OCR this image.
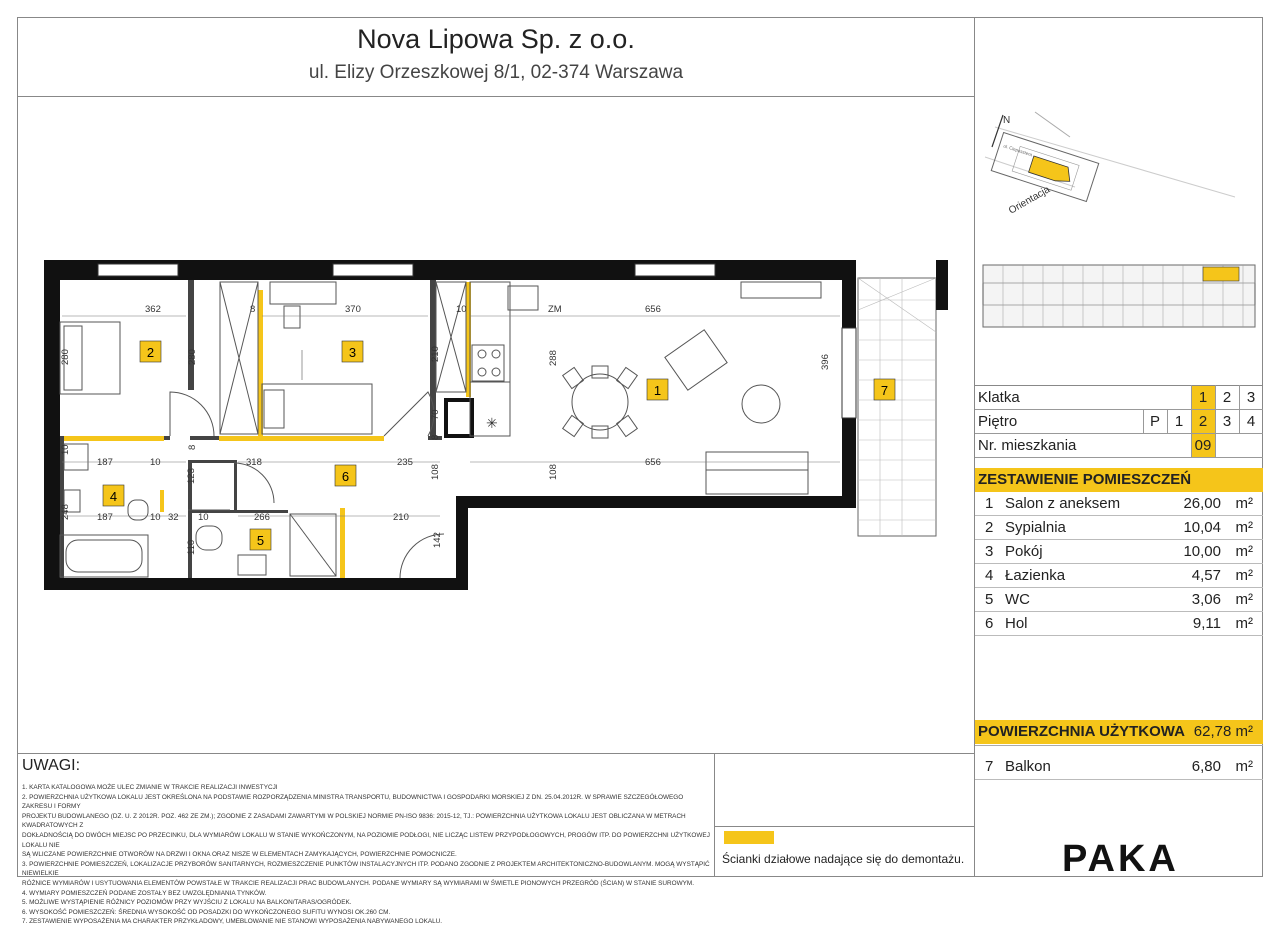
Nova Lipowa Sp. z o.o.
ul. Elizy Orzeszkowej 8/1, 02-374 Warszawa
ul. Ciepasstera
N
Orientacja
Klatka	1	2	3
Piętro	P 1	2	3	4
Nr. mieszkania	09
ZESTAWIENIE POMIESZCZEŃ
1 Salon z aneksem	26,00 m²
2 Sypialnia	10,04 m²
3 Pokój	10,00 m²
4 Łazienka	4,57 m²
5 WC	3,06 m²
6 Hol	9,11 m²
POWIERZCHNIA UŻYTKOWA 62,78 m²
7 Balkon	6,80 m²
UWAGI:
1. KARTA KATALOGOWA MOŻE ULEC ZMIANIE W TRAKCIE REALIZACJI INWESTYCJI
2. POWIERZCHNIA UŻYTKOWA LOKALU JEST OKREŚLONA NA PODSTAWIE ROZPORZĄDZENIA MINISTRA TRANSPORTU, BUDOWNICTWA I GOSPODARKI MORSKIEJ Z DN. 25.04.2012R. W SPRAWIE SZCZEGÓŁOWEGO ZAKRESU I FORMY
PROJEKTU BUDOWLANEGO (DZ. U. Z 2012R. POZ. 462 ZE ZM.); ZGODNIE Z ZASADAMI ZAWARTYMI W POLSKIEJ NORMIE PN-ISO 9836: 2015-12, TJ.: POWIERZCHNIA UŻYTKOWA LOKALU JEST OBLICZANA W METRACH KWADRATOWYCH Z
DOKŁADNOŚCIĄ DO DWÓCH MIEJSC PO PRZECINKU, DLA WYMIARÓW LOKALU W STANIE WYKOŃCZONYM, NA POZIOMIE PODŁOGI, NIE LICZĄC LISTEW PRZYPODŁOGOWYCH, PROGÓW ITP. DO POWIERZCHNI UŻYTKOWEJ LOKALU NIE
SĄ WLICZANE POWIERZCHNIE OTWORÓW NA DRZWI I OKNA ORAZ NISZE W ELEMENTACH ZAMYKAJĄCYCH, POWIERZCHNIE POMOCNICZE.
3. POWIERZCHNIE POMIESZCZEŃ, LOKALIZACJE PRZYBORÓW SANITARNYCH, ROZMIESZCZENIE PUNKTÓW INSTALACYJNYCH ITP. PODANO ZGODNIE Z PROJEKTEM ARCHITEKTONICZNO-BUDOWLANYM. MOGĄ WYSTĄPIĆ NIEWIELKIE
RÓŻNICE WYMIARÓW I USYTUOWANIA ELEMENTÓW POWSTAŁE W TRAKCIE REALIZACJI PRAC BUDOWLANYCH. PODANE WYMIARY SĄ WYMIARAMI W ŚWIETLE PIONOWYCH PRZEGRÓD (ŚCIAN) W STANIE SUROWYM.
4. WYMIARY POMIESZCZEŃ PODANE ZOSTAŁY BEZ UWZGLĘDNIANIA TYNKÓW.
5. MOŻLIWE WYSTĄPIENIE RÓŻNICY POZIOMÓW PRZY WYJŚCIU Z LOKALU NA BALKON/TARAS/OGRÓDEK.
6. WYSOKOŚĆ POMIESZCZEŃ: ŚREDNIA WYSOKOŚĆ OD POSADZKI DO WYKOŃCZONEGO SUFITU WYNOSI OK.260 CM.
7. ZESTAWIENIE WYPOSAŻENIA MA CHARAKTER PRZYKŁADOWY, UMEBLOWANIE NIE STANOWI WYPOSAŻENIA NABYWANEGO LOKALU.
Ścianki działowe nadające się do demontażu.	PAKA
✳
2	3
1	7
4
5
6
362	370	656
280	280	210	288	396
70
187	10	318	235
108	108
656
123
187	10 32 10	266	210
142
248
10
8
8
10
8
110
ZM
